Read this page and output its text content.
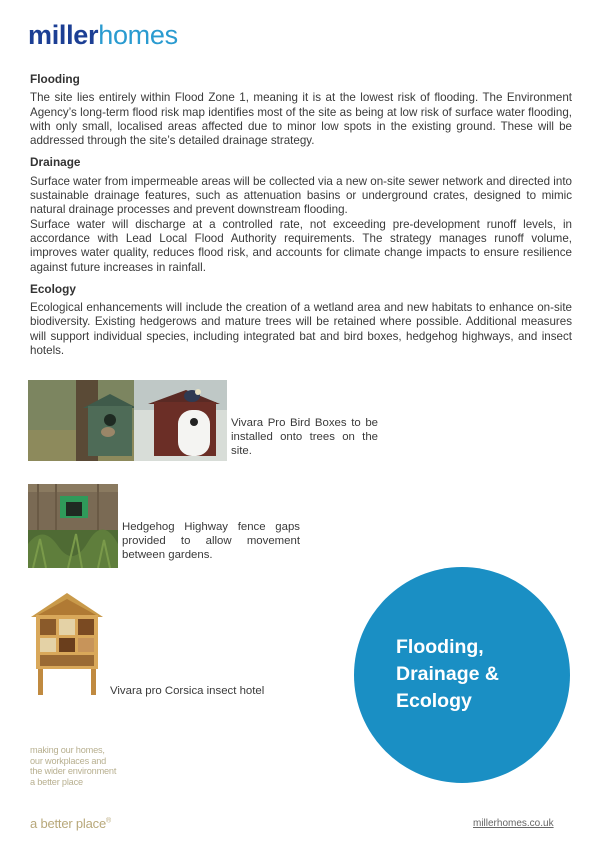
millerhomes
Flooding

The site lies entirely within Flood Zone 1, meaning it is at the lowest risk of flooding. The Environment Agency’s long-term flood risk map identifies most of the site as being at low risk of surface water flooding, with only small, localised areas affected due to minor low spots in the existing ground. These will be addressed through the site’s detailed drainage strategy.

Drainage

Surface water from impermeable areas will be collected via a new on-site sewer network and directed into sustainable drainage features, such as attenuation basins or underground crates, designed to mimic natural drainage processes and prevent downstream flooding.

Surface water will discharge at a controlled rate, not exceeding pre-development runoff levels, in accordance with Lead Local Flood Authority requirements. The strategy manages runoff volume, improves water quality, reduces flood risk, and accounts for climate change impacts to ensure resilience against future increases in rainfall.

Ecology

Ecological enhancements will include the creation of a wetland area and new habitats to enhance on-site biodiversity. Existing hedgerows and mature trees will be retained where possible. Additional measures will support individual species, including integrated bat and bird boxes, hedgehog highways, and insect hotels.

Vivara Pro Bird Boxes to be installed onto trees on the site.
Hedgehog Highway fence gaps provided to allow movement between gardens.
Vivara pro Corsica insect hotel
Flooding,
Drainage &
Ecology
making our homes,
our workplaces and
the wider environment
a better place
a better place®	millerhomes.co.uk
